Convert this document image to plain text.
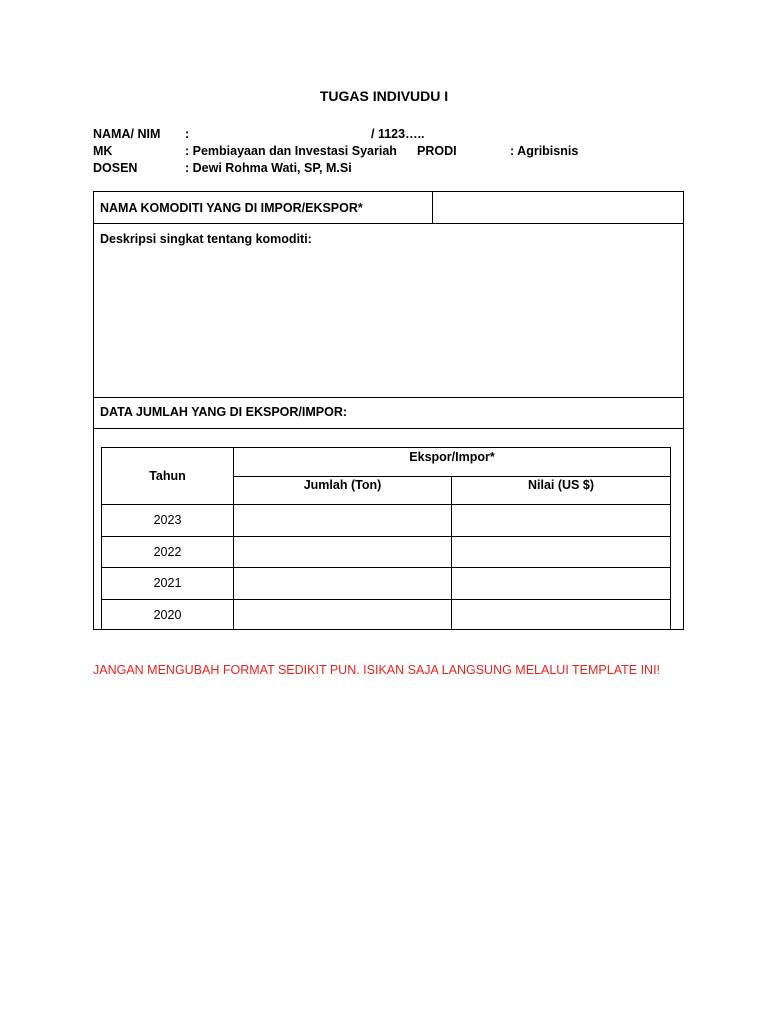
TUGAS INDIVUDU I
NAMA/ NIM :	/ 1123…..
MK	: Pembiayaan dan Investasi Syariah PRODI	: Agribisnis
DOSEN	: Dewi Rohma Wati, SP, M.Si
NAMA KOMODITI YANG DI IMPOR/EKSPOR*
Deskripsi singkat tentang komoditi:
DATA JUMLAH YANG DI EKSPOR/IMPOR:
Tahun	Ekspor/Impor*	
	Jumlah (Ton)	Nilai (US $)
2023		
2022		
2021		
2020		
JANGAN MENGUBAH FORMAT SEDIKIT PUN. ISIKAN SAJA LANGSUNG MELALUI TEMPLATE INI!
